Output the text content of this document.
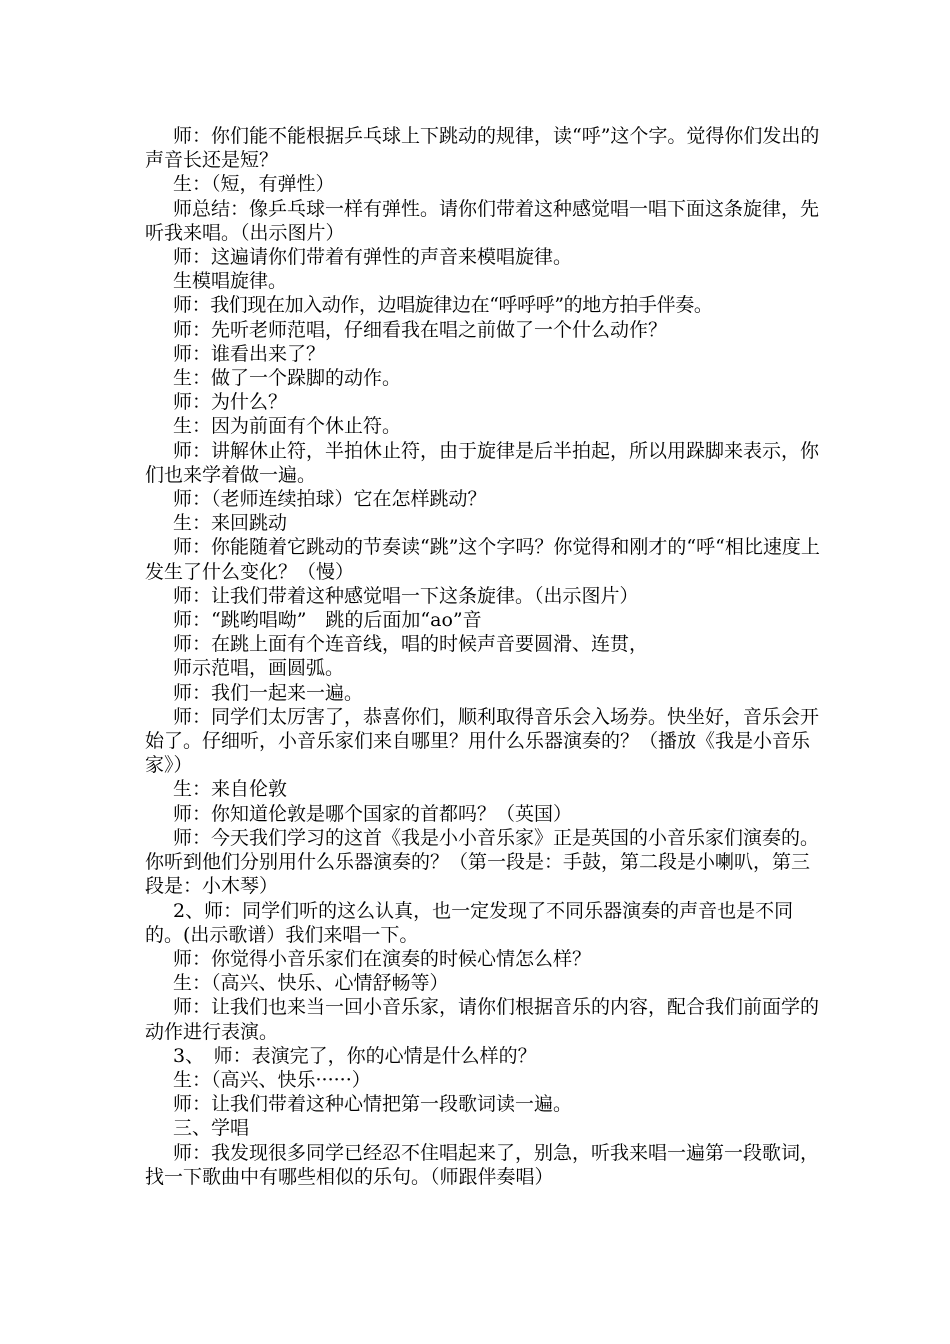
师：你们能不能根据乒乓球上下跳动的规律，读“呼”这个字。觉得你们发出的声音长还是短？

生：（短，有弹性）

师总结：像乒乓球一样有弹性。请你们带着这种感觉唱一唱下面这条旋律，先听我来唱。（出示图片）

师：这遍请你们带着有弹性的声音来模唱旋律。

生模唱旋律。

师：我们现在加入动作，边唱旋律边在“呼呼呼”的地方拍手伴奏。

师：先听老师范唱，仔细看我在唱之前做了一个什么动作？

师：谁看出来了？

生：做了一个跺脚的动作。

师：为什么？

生：因为前面有个休止符。

师：讲解休止符，半拍休止符，由于旋律是后半拍起，所以用跺脚来表示，你们也来学着做一遍。

师：（老师连续拍球）它在怎样跳动？

生：来回跳动

师：你能随着它跳动的节奏读“跳”这个字吗？你觉得和刚才的“呼“相比速度上发生了什么变化？（慢）

师：让我们带着这种感觉唱一下这条旋律。（出示图片）

师：“跳哟唱呦”　跳的后面加“ao”音

师：在跳上面有个连音线，唱的时候声音要圆滑、连贯，

师示范唱，画圆弧。

师：我们一起来一遍。

师：同学们太厉害了，恭喜你们，顺利取得音乐会入场券。快坐好，音乐会开始了。仔细听，小音乐家们来自哪里？用什么乐器演奏的？（播放《我是小音乐家》）

生：来自伦敦

师：你知道伦敦是哪个国家的首都吗？（英国）

师：今天我们学习的这首《我是小小音乐家》正是英国的小音乐家们演奏的。你听到他们分别用什么乐器演奏的？（第一段是：手鼓，第二段是小喇叭，第三段是：小木琴）

2、师：同学们听的这么认真，也一定发现了不同乐器演奏的声音也是不同的。(出示歌谱）我们来唱一下。

师：你觉得小音乐家们在演奏的时候心情怎么样？

生：（高兴、快乐、心情舒畅等）

师：让我们也来当一回小音乐家，请你们根据音乐的内容，配合我们前面学的动作进行表演。

3、　师：表演完了，你的心情是什么样的？

生：（高兴、快乐······）

师：让我们带着这种心情把第一段歌词读一遍。

三、学唱

师：我发现很多同学已经忍不住唱起来了，别急，听我来唱一遍第一段歌词，找一下歌曲中有哪些相似的乐句。（师跟伴奏唱）
